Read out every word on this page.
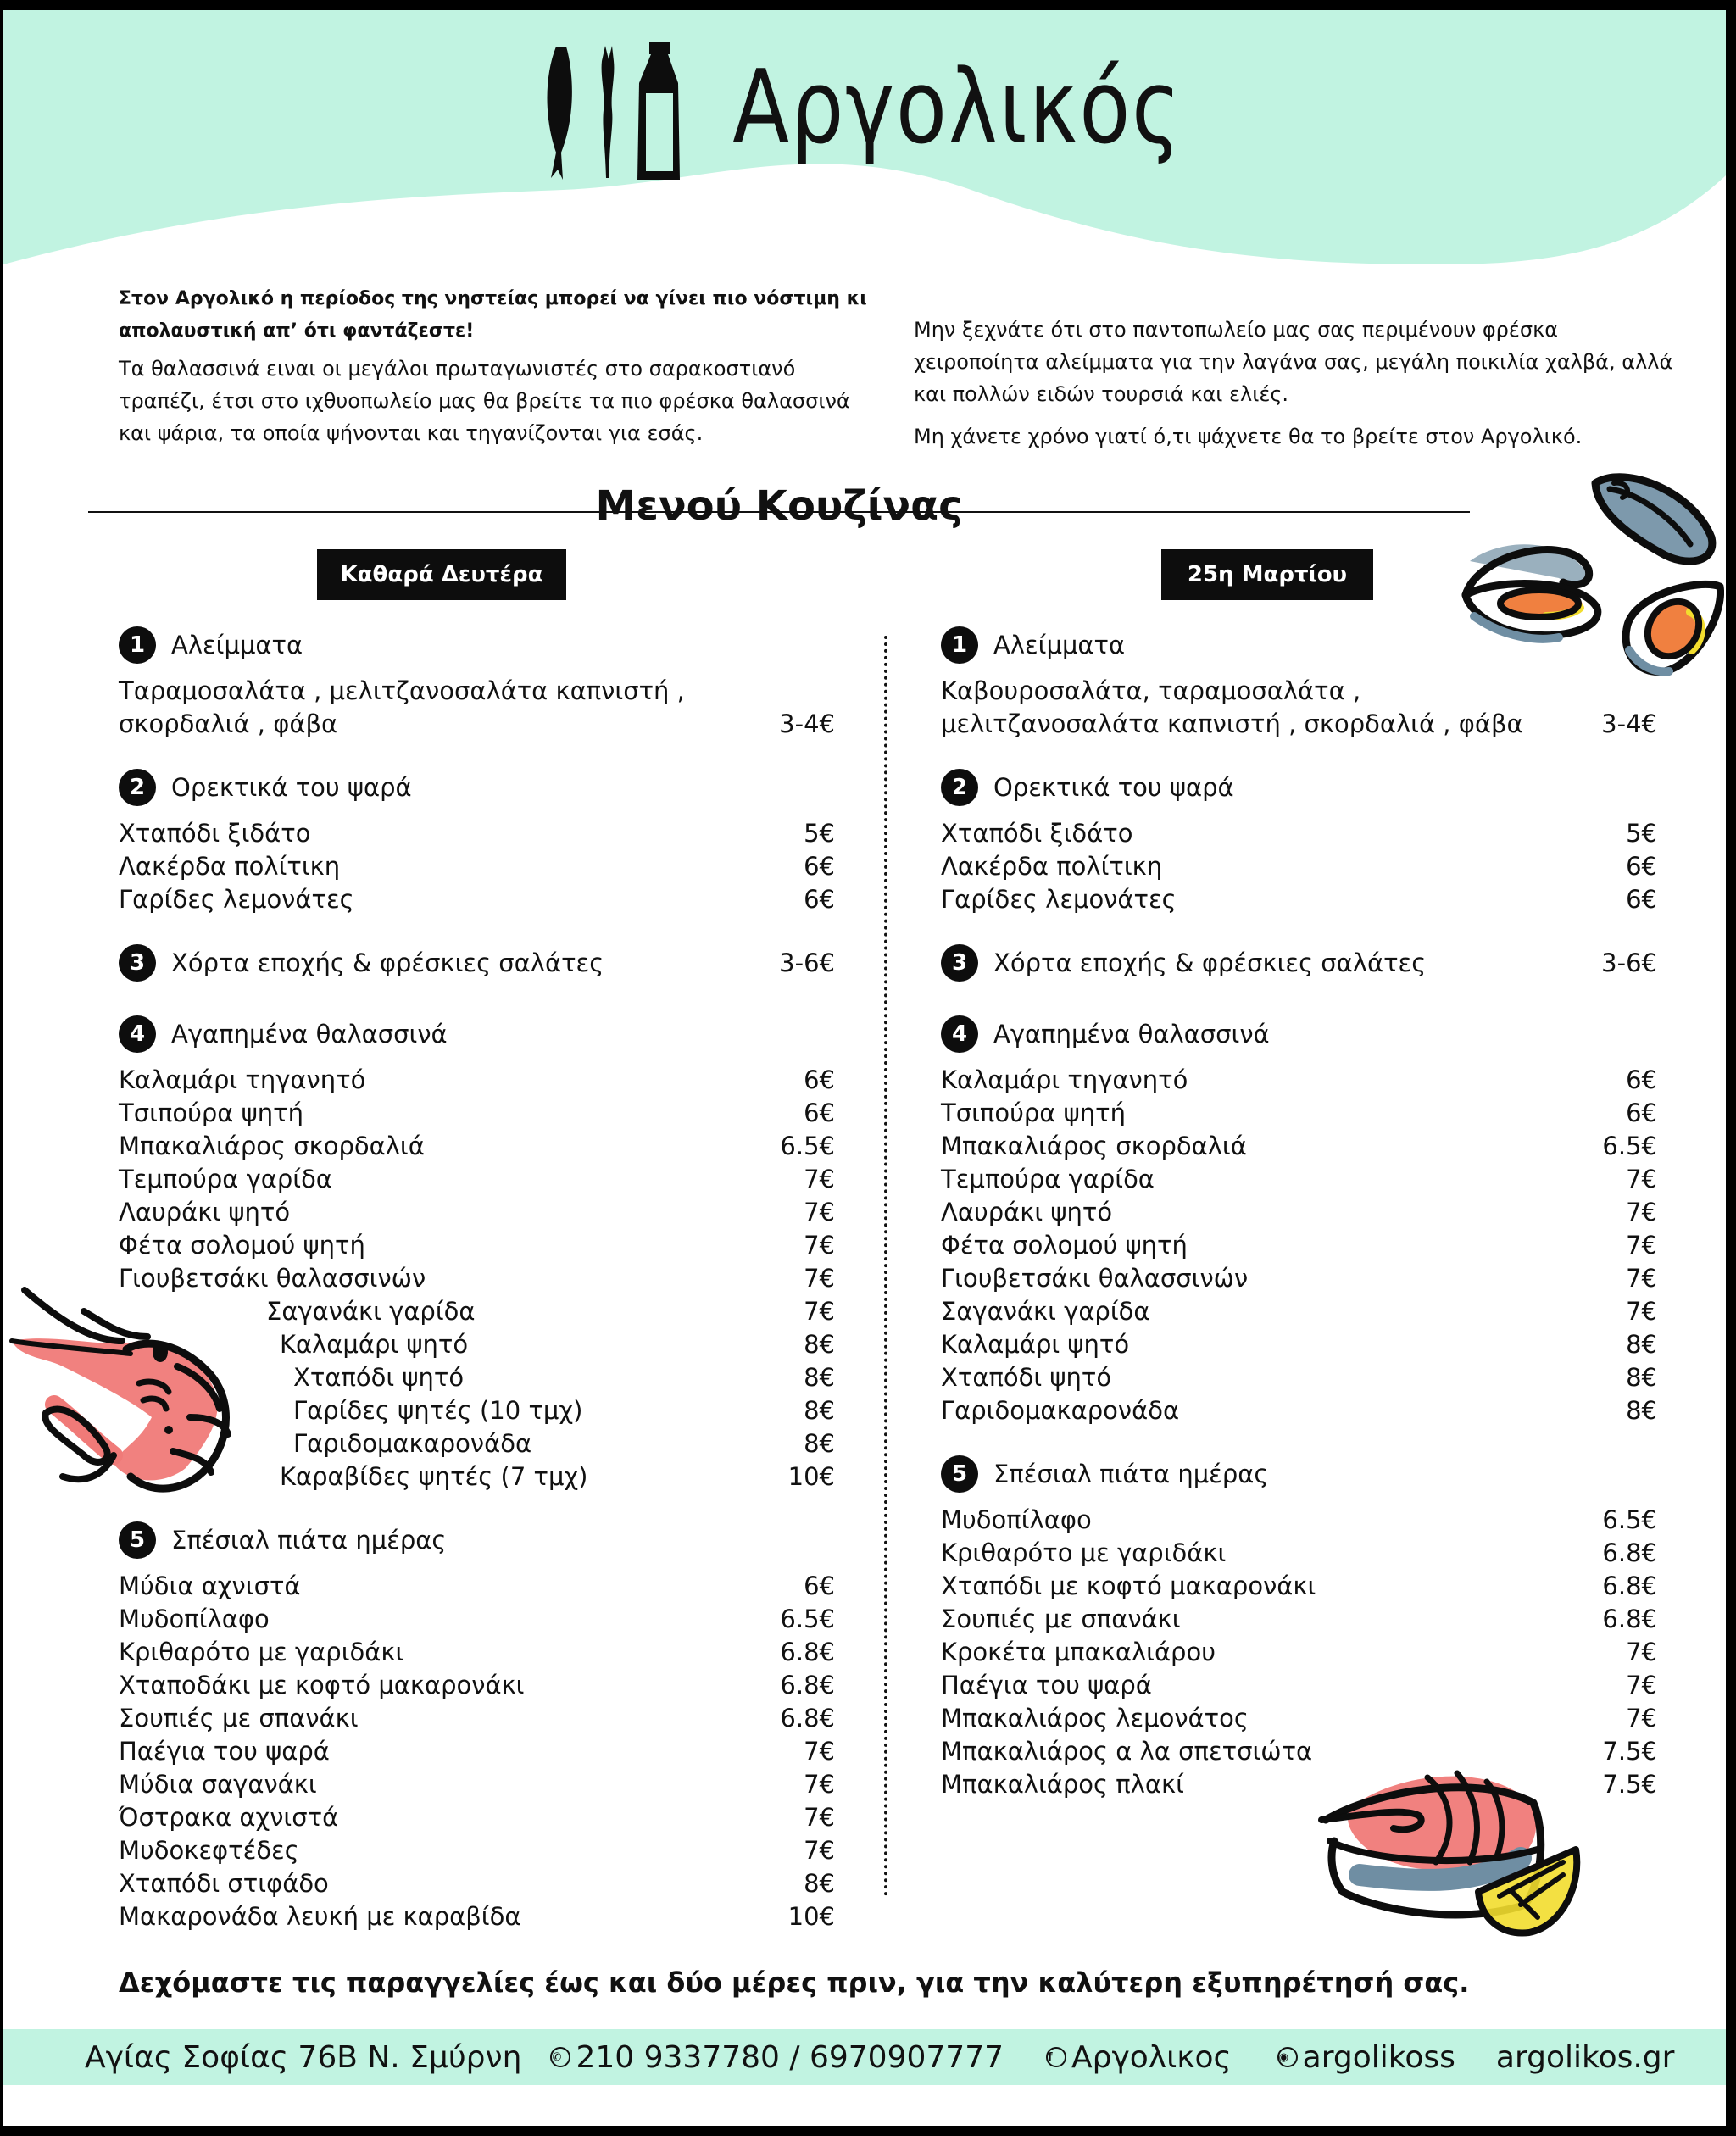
Αργολικός

Στον Αργολικό η περίοδος της νηστείας μπορεί να γίνει πιο νόστιμη κι απολαυστική απ’ ότι φαντάζεστε!

Τα θαλασσινά ειναι οι μεγάλοι πρωταγωνιστές στο σαρακοστιανό τραπέζι, έτσι στο ιχθυοπωλείο μας θα βρείτε τα πιο φρέσκα θαλασσινά και ψάρια, τα οποία ψήνονται και τηγανίζονται για εσάς.

Μην ξεχνάτε ότι στο παντοπωλείο μας σας περιμένουν φρέσκα χειροποίητα αλείμματα για την λαγάνα σας, μεγάλη ποικιλία χαλβά, αλλά και πολλών ειδών τουρσιά και ελιές.

Μη χάνετε χρόνο γιατί ό,τι ψάχνετε θα το βρείτε στον Αργολικό.

Μενού Κουζίνας
Καθαρά Δευτέρα	25η Μαρτίου
1	Αλείμματα
Ταραμοσαλάτα , μελιτζανοσαλάτα καπνιστή ,
σκορδαλιά , φάβα	3-4€
2	Ορεκτικά του ψαρά
Χταπόδι ξιδάτο	5€
Λακέρδα πολίτικη	6€
Γαρίδες λεμονάτες	6€
3	Χόρτα εποχής & φρέσκιες σαλάτες	3-6€
4	Αγαπημένα θαλασσινά
Καλαμάρι τηγανητό	6€
Τσιπούρα ψητή	6€
Μπακαλιάρος σκορδαλιά	6.5€
Τεμπούρα γαρίδα	7€
Λαυράκι ψητό	7€
Φέτα σολομού ψητή	7€
Γιουβετσάκι θαλασσινών	7€
Σαγανάκι γαρίδα	7€
Καλαμάρι ψητό	8€
Χταπόδι ψητό	8€
Γαρίδες ψητές (10 τμχ)	8€
Γαριδομακαρονάδα	8€
Καραβίδες ψητές (7 τμχ)	10€
5	Σπέσιαλ πιάτα ημέρας
Μύδια αχνιστά	6€
Μυδοπίλαφο	6.5€
Κριθαρότο με γαριδάκι	6.8€
Χταποδάκι με κοφτό μακαρονάκι	6.8€
Σουπιές με σπανάκι	6.8€
Παέγια του ψαρά	7€
Μύδια σαγανάκι	7€
Όστρακα αχνιστά	7€
Μυδοκεφτέδες	7€
Χταπόδι στιφάδο	8€
Μακαρονάδα λευκή με καραβίδα	10€
1	Αλείμματα
Καβουροσαλάτα, ταραμοσαλάτα ,
μελιτζανοσαλάτα καπνιστή , σκορδαλιά , φάβα	3-4€
2	Ορεκτικά του ψαρά
Χταπόδι ξιδάτο	5€
Λακέρδα πολίτικη	6€
Γαρίδες λεμονάτες	6€
3	Χόρτα εποχής & φρέσκιες σαλάτες	3-6€
4	Αγαπημένα θαλασσινά
Καλαμάρι τηγανητό	6€
Τσιπούρα ψητή	6€
Μπακαλιάρος σκορδαλιά	6.5€
Τεμπούρα γαρίδα	7€
Λαυράκι ψητό	7€
Φέτα σολομού ψητή	7€
Γιουβετσάκι θαλασσινών	7€
Σαγανάκι γαρίδα	7€
Καλαμάρι ψητό	8€
Χταπόδι ψητό	8€
Γαριδομακαρονάδα	8€
5	Σπέσιαλ πιάτα ημέρας
Μυδοπίλαφο	6.5€
Κριθαρότο με γαριδάκι	6.8€
Χταπόδι με κοφτό μακαρονάκι	6.8€
Σουπιές με σπανάκι	6.8€
Κροκέτα μπακαλιάρου	7€
Παέγια του ψαρά	7€
Μπακαλιάρος λεμονάτος	7€
Μπακαλιάρος α λα σπετσιώτα	7.5€
Μπακαλιάρος πλακί	7.5€
Δεχόμαστε τις παραγγελίες έως και δύο μέρες πριν, για την καλύτερη εξυπηρέτησή σας.
Αγίας Σοφίας 76Β Ν. Σμύρνη	✆ 210 9337780 / 6970907777	f Αργολικος	◉ argolikoss argolikos.gr
